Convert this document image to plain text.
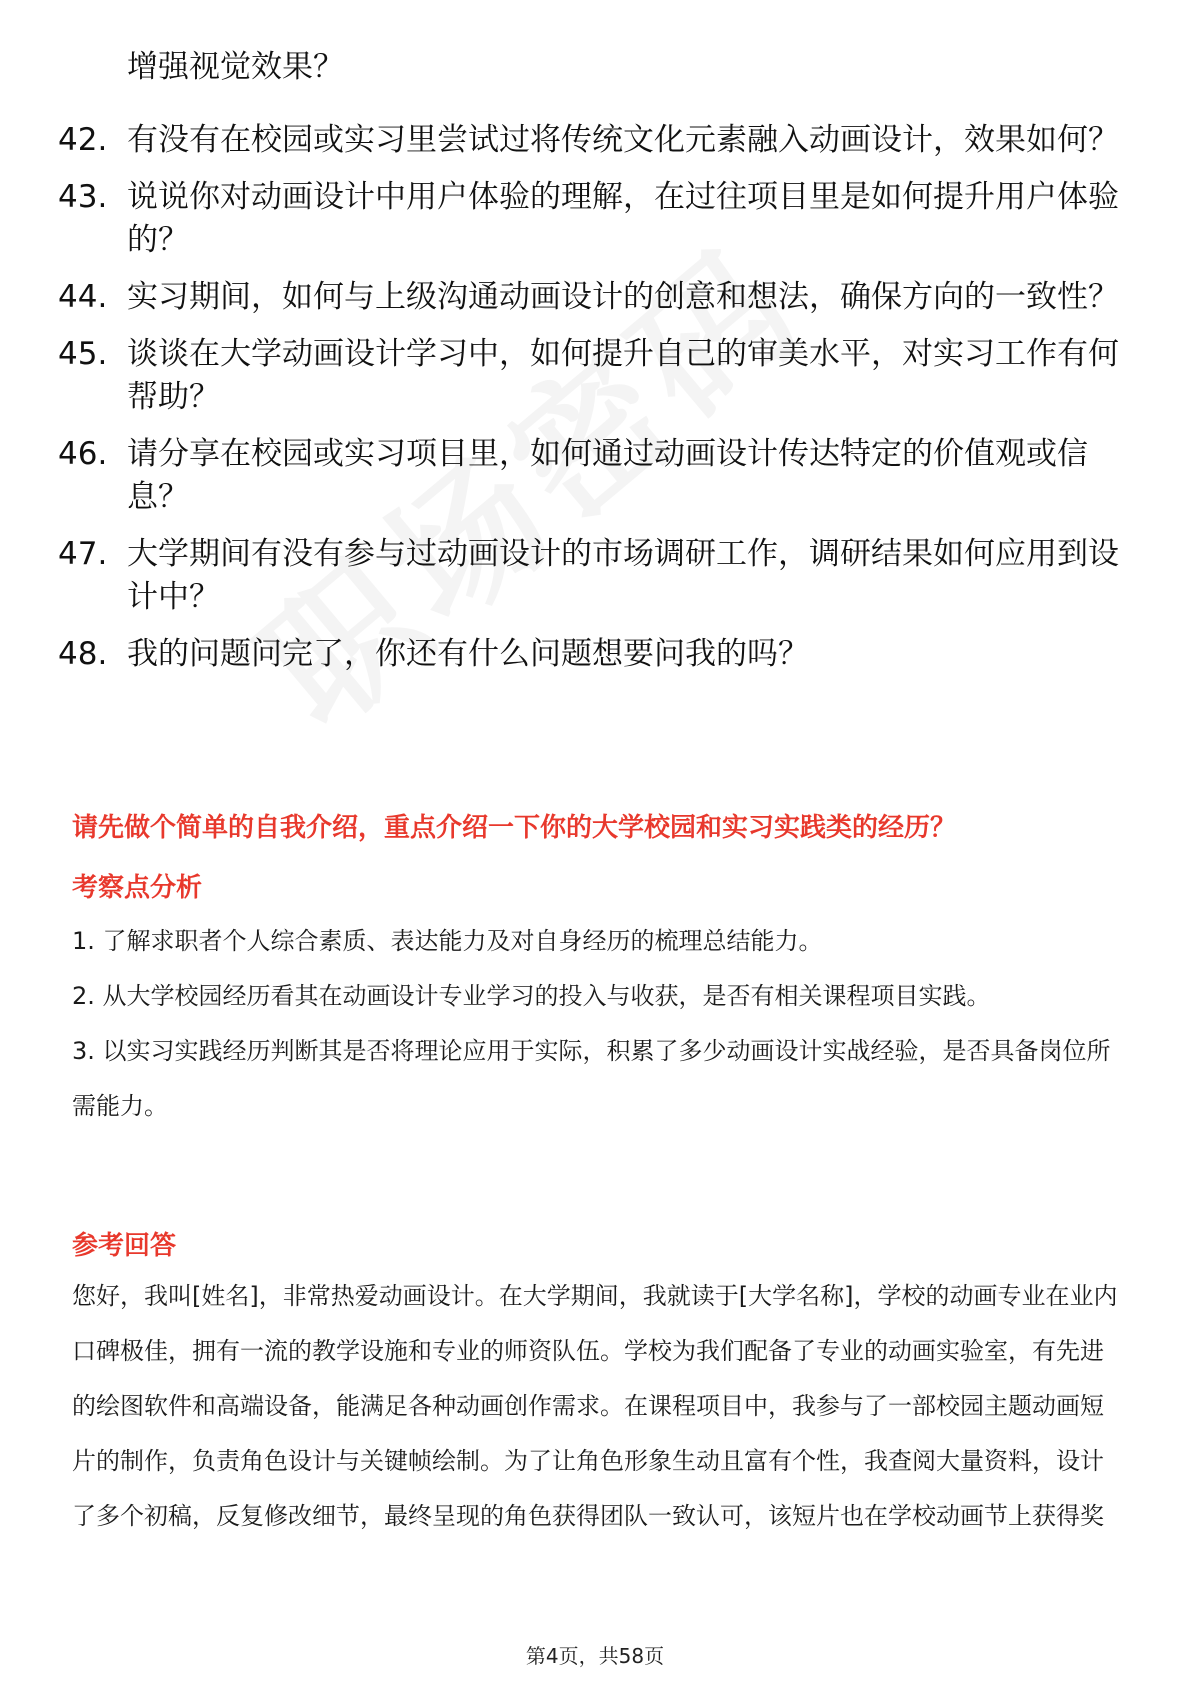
增强视觉效果？
42. 有没有在校园或实习里尝试过将传统文化元素融入动画设计，效果如何？
43. 说说你对动画设计中用户体验的理解，在过往项目里是如何提升用户体验的？
44. 实习期间，如何与上级沟通动画设计的创意和想法，确保方向的一致性？
45. 谈谈在大学动画设计学习中，如何提升自己的审美水平，对实习工作有何帮助？
46. 请分享在校园或实习项目里，如何通过动画设计传达特定的价值观或信息？
47. 大学期间有没有参与过动画设计的市场调研工作，调研结果如何应用到设计中？
48. 我的问题问完了，你还有什么问题想要问我的吗？
请先做个简单的自我介绍，重点介绍一下你的大学校园和实习实践类的经历？
考察点分析
1. 了解求职者个人综合素质、表达能力及对自身经历的梳理总结能力。
2. 从大学校园经历看其在动画设计专业学习的投入与收获，是否有相关课程项目实践。
3. 以实习实践经历判断其是否将理论应用于实际，积累了多少动画设计实战经验，是否具备岗位所需能力。
参考回答
您好，我叫[姓名]，非常热爱动画设计。在大学期间，我就读于[大学名称]，学校的动画专业在业内口碑极佳，拥有一流的教学设施和专业的师资队伍。学校为我们配备了专业的动画实验室，有先进的绘图软件和高端设备，能满足各种动画创作需求。在课程项目中，我参与了一部校园主题动画短片的制作，负责角色设计与关键帧绘制。为了让角色形象生动且富有个性，我查阅大量资料，设计了多个初稿，反复修改细节，最终呈现的角色获得团队一致认可，该短片也在学校动画节上获得奖
第4页，共58页
